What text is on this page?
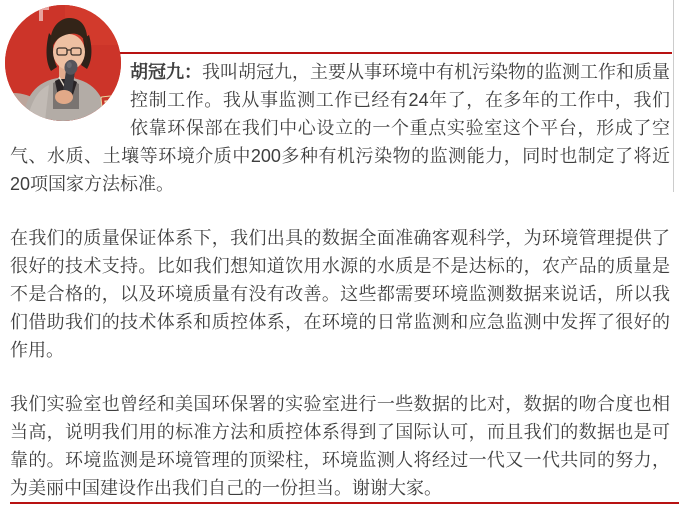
胡冠九：我叫胡冠九，主要从事环境中有机污染物的监测工作和质量控制工作。我从事监测工作已经有24年了，在多年的工作中，我们依靠环保部在我们中心设立的一个重点实验室这个平台，形成了空气、水质、土壤等环境介质中200多种有机污染物的监测能力，同时也制定了将近20项国家方法标准。

在我们的质量保证体系下，我们出具的数据全面准确客观科学，为环境管理提供了很好的技术支持。比如我们想知道饮用水源的水质是不是达标的，农产品的质量是不是合格的，以及环境质量有没有改善。这些都需要环境监测数据来说话，所以我们借助我们的技术体系和质控体系，在环境的日常监测和应急监测中发挥了很好的作用。

我们实验室也曾经和美国环保署的实验室进行一些数据的比对，数据的吻合度也相当高，说明我们用的标准方法和质控体系得到了国际认可，而且我们的数据也是可靠的。环境监测是环境管理的顶梁柱，环境监测人将经过一代又一代共同的努力，为美丽中国建设作出我们自己的一份担当。谢谢大家。
